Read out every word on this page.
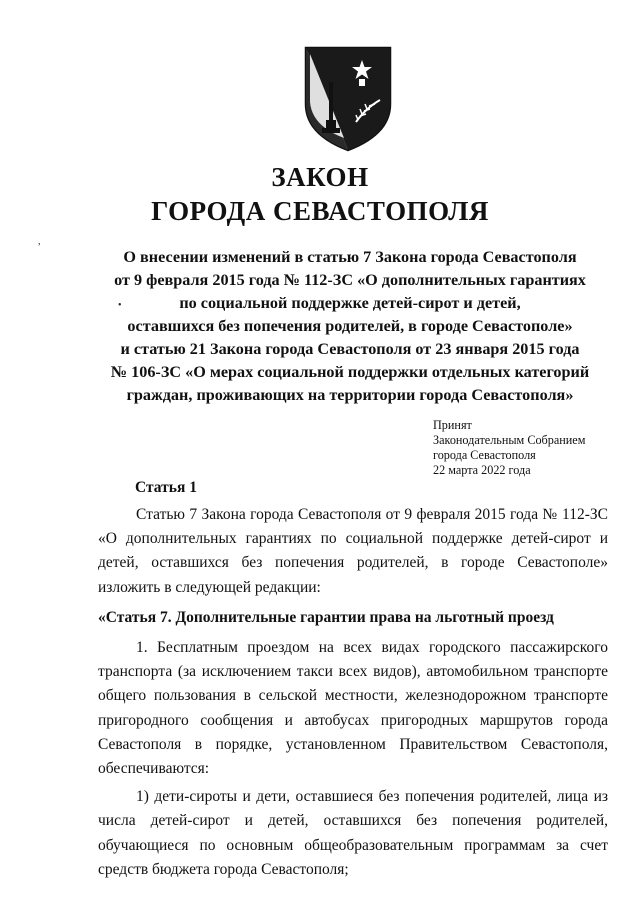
ЗАКОН
ГОРОДА СЕВАСТОПОЛЯ
О внесении изменений в статью 7 Закона города Севастополя
от 9 февраля 2015 года № 112-ЗС «О дополнительных гарантиях
по социальной поддержке детей-сирот и детей,
оставшихся без попечения родителей, в городе Севастополе»
и статью 21 Закона города Севастополя от 23 января 2015 года
№ 106-ЗС «О мерах социальной поддержки отдельных категорий
граждан, проживающих на территории города Севастополя»
Принят
Законодательным Собранием
города Севастополя
22 марта 2022 года
Статья 1

Статью 7 Закона города Севастополя от 9 февраля 2015 года № 112-ЗС «О дополнительных гарантиях по социальной поддержке детей-сирот и детей, оставшихся без попечения родителей, в городе Севастополе» изложить в следующей редакции:

«Статья 7. Дополнительные гарантии права на льготный проезд

1. Бесплатным проездом на всех видах городского пассажирского транспорта (за исключением такси всех видов), автомобильном транспорте общего пользования в сельской местности, железнодорожном транспорте пригородного сообщения и автобусах пригородных маршрутов города Севастополя в порядке, установленном Правительством Севастополя, обеспечиваются:

1) дети-сироты и дети, оставшиеся без попечения родителей, лица из числа детей-сирот и детей, оставшихся без попечения родителей, обучающиеся по основным общеобразовательным программам за счет средств бюджета города Севастополя;

,
•
